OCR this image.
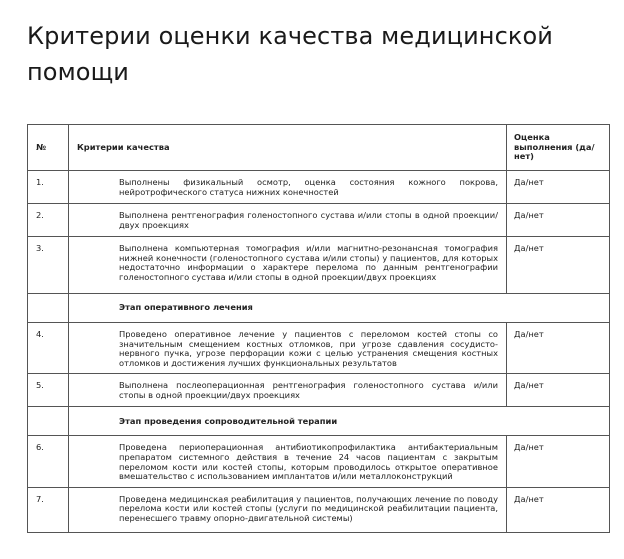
Критерии оценки качества медицинской помощи
№	Критерии качества	Оценка выполнения (да/нет)

1.	Выполнены физикальный осмотр, оценка состояния кожного покрова, нейротрофического статуса нижних конечностей	Да/нет

2.	Выполнена рентгенография голеностопного сустава и/или стопы в одной проекции/двух проекциях	Да/нет

3.	Выполнена компьютерная томография и/или магнитно-резонансная томография нижней конечности (голеностопного сустава и/или стопы) у пациентов, для которых недостаточно информации о характере перелома по данным рентгенографии голеностопного сустава и/или стопы в одной проекции/двух проекциях	Да/нет

	Этап оперативного лечения	

4.	Проведено оперативное лечение у пациентов с переломом костей стопы со значительным смещением костных отломков, при угрозе сдавления сосудисто-нервного пучка, угрозе перфорации кожи с целью устранения смещения костных отломков и достижения лучших функциональных результатов	Да/нет

5.	Выполнена послеоперационная рентгенография голеностопного сустава и/или стопы в одной проекции/двух проекциях	Да/нет

	Этап проведения сопроводительной терапии	

6.	Проведена периоперационная антибиотикопрофилактика антибактериальным препаратом системного действия в течение 24 часов пациентам с закрытым переломом кости или костей стопы, которым проводилось открытое оперативное вмешательство с использованием имплантатов и/или металлоконструкций	Да/нет

7.	Проведена медицинская реабилитация у пациентов, получающих лечение по поводу перелома кости или костей стопы (услуги по медицинской реабилитации пациента, перенесшего травму опорно-двигательной системы)	Да/нет
